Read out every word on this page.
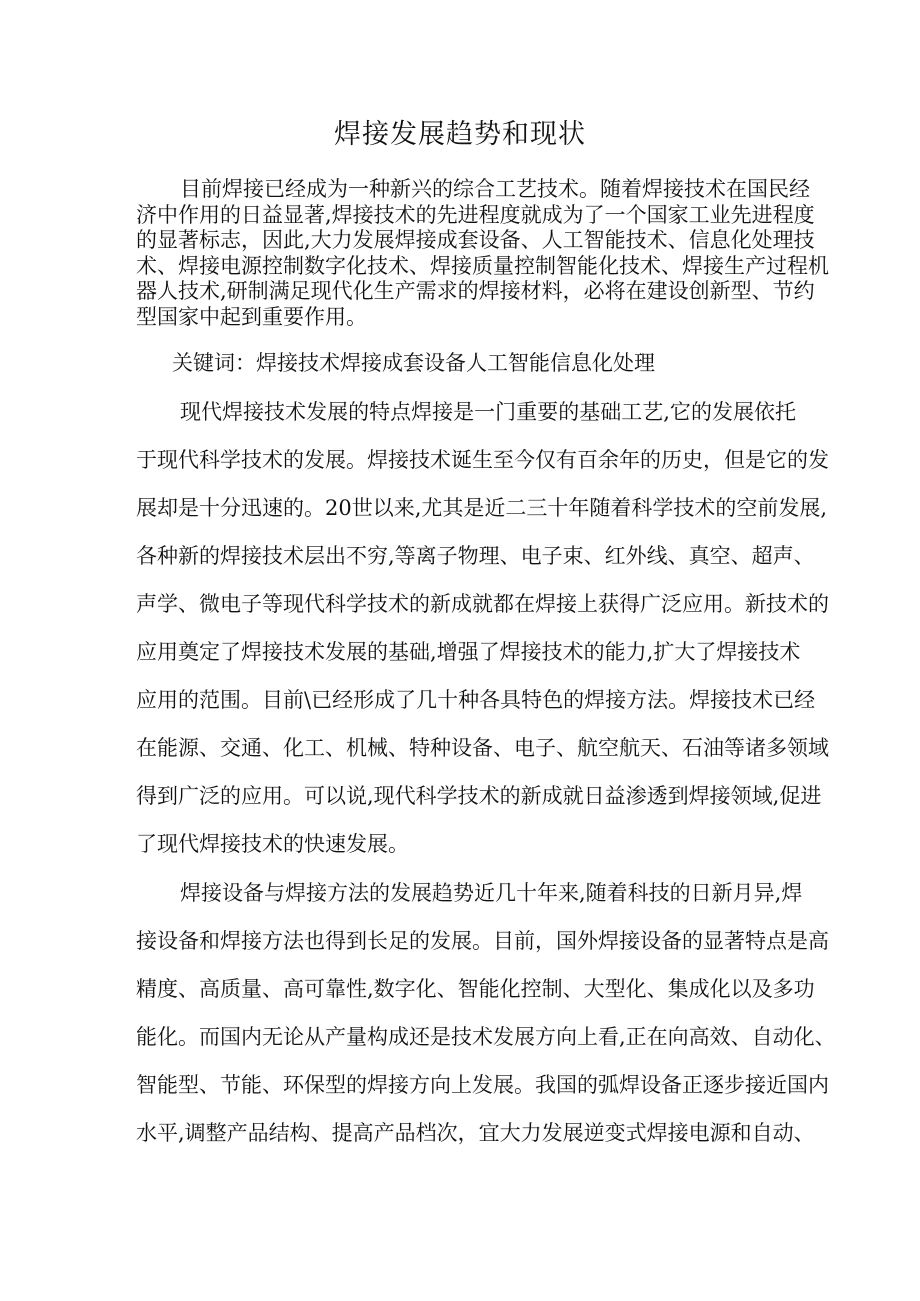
焊接发展趋势和现状
目前焊接已经成为一种新兴的综合工艺技术。随着焊接技术在国民经
济中作用的日益显著,焊接技术的先进程度就成为了一个国家工业先进程度
的显著标志，因此,大力发展焊接成套设备、人工智能技术、信息化处理技
术、焊接电源控制数字化技术、焊接质量控制智能化技术、焊接生产过程机
器人技术,研制满足现代化生产需求的焊接材料，必将在建设创新型、节约
型国家中起到重要作用。
关键词：焊接技术焊接成套设备人工智能信息化处理
现代焊接技术发展的特点焊接是一门重要的基础工艺,它的发展依托
于现代科学技术的发展。焊接技术诞生至今仅有百余年的历史，但是它的发
展却是十分迅速的。20世以来,尤其是近二三十年随着科学技术的空前发展,
各种新的焊接技术层出不穷,等离子物理、电子束、红外线、真空、超声、
声学、微电子等现代科学技术的新成就都在焊接上获得广泛应用。新技术的
应用奠定了焊接技术发展的基础,增强了焊接技术的能力,扩大了焊接技术
应用的范围。目前\已经形成了几十种各具特色的焊接方法。焊接技术已经
在能源、交通、化工、机械、特种设备、电子、航空航天、石油等诸多领域
得到广泛的应用。可以说,现代科学技术的新成就日益渗透到焊接领域,促进
了现代焊接技术的快速发展。
焊接设备与焊接方法的发展趋势近几十年来,随着科技的日新月异,焊
接设备和焊接方法也得到长足的发展。目前，国外焊接设备的显著特点是高
精度、高质量、高可靠性,数字化、智能化控制、大型化、集成化以及多功
能化。而国内无论从产量构成还是技术发展方向上看,正在向高效、自动化、
智能型、节能、环保型的焊接方向上发展。我国的弧焊设备正逐步接近国内
水平,调整产品结构、提高产品档次，宜大力发展逆变式焊接电源和自动、
